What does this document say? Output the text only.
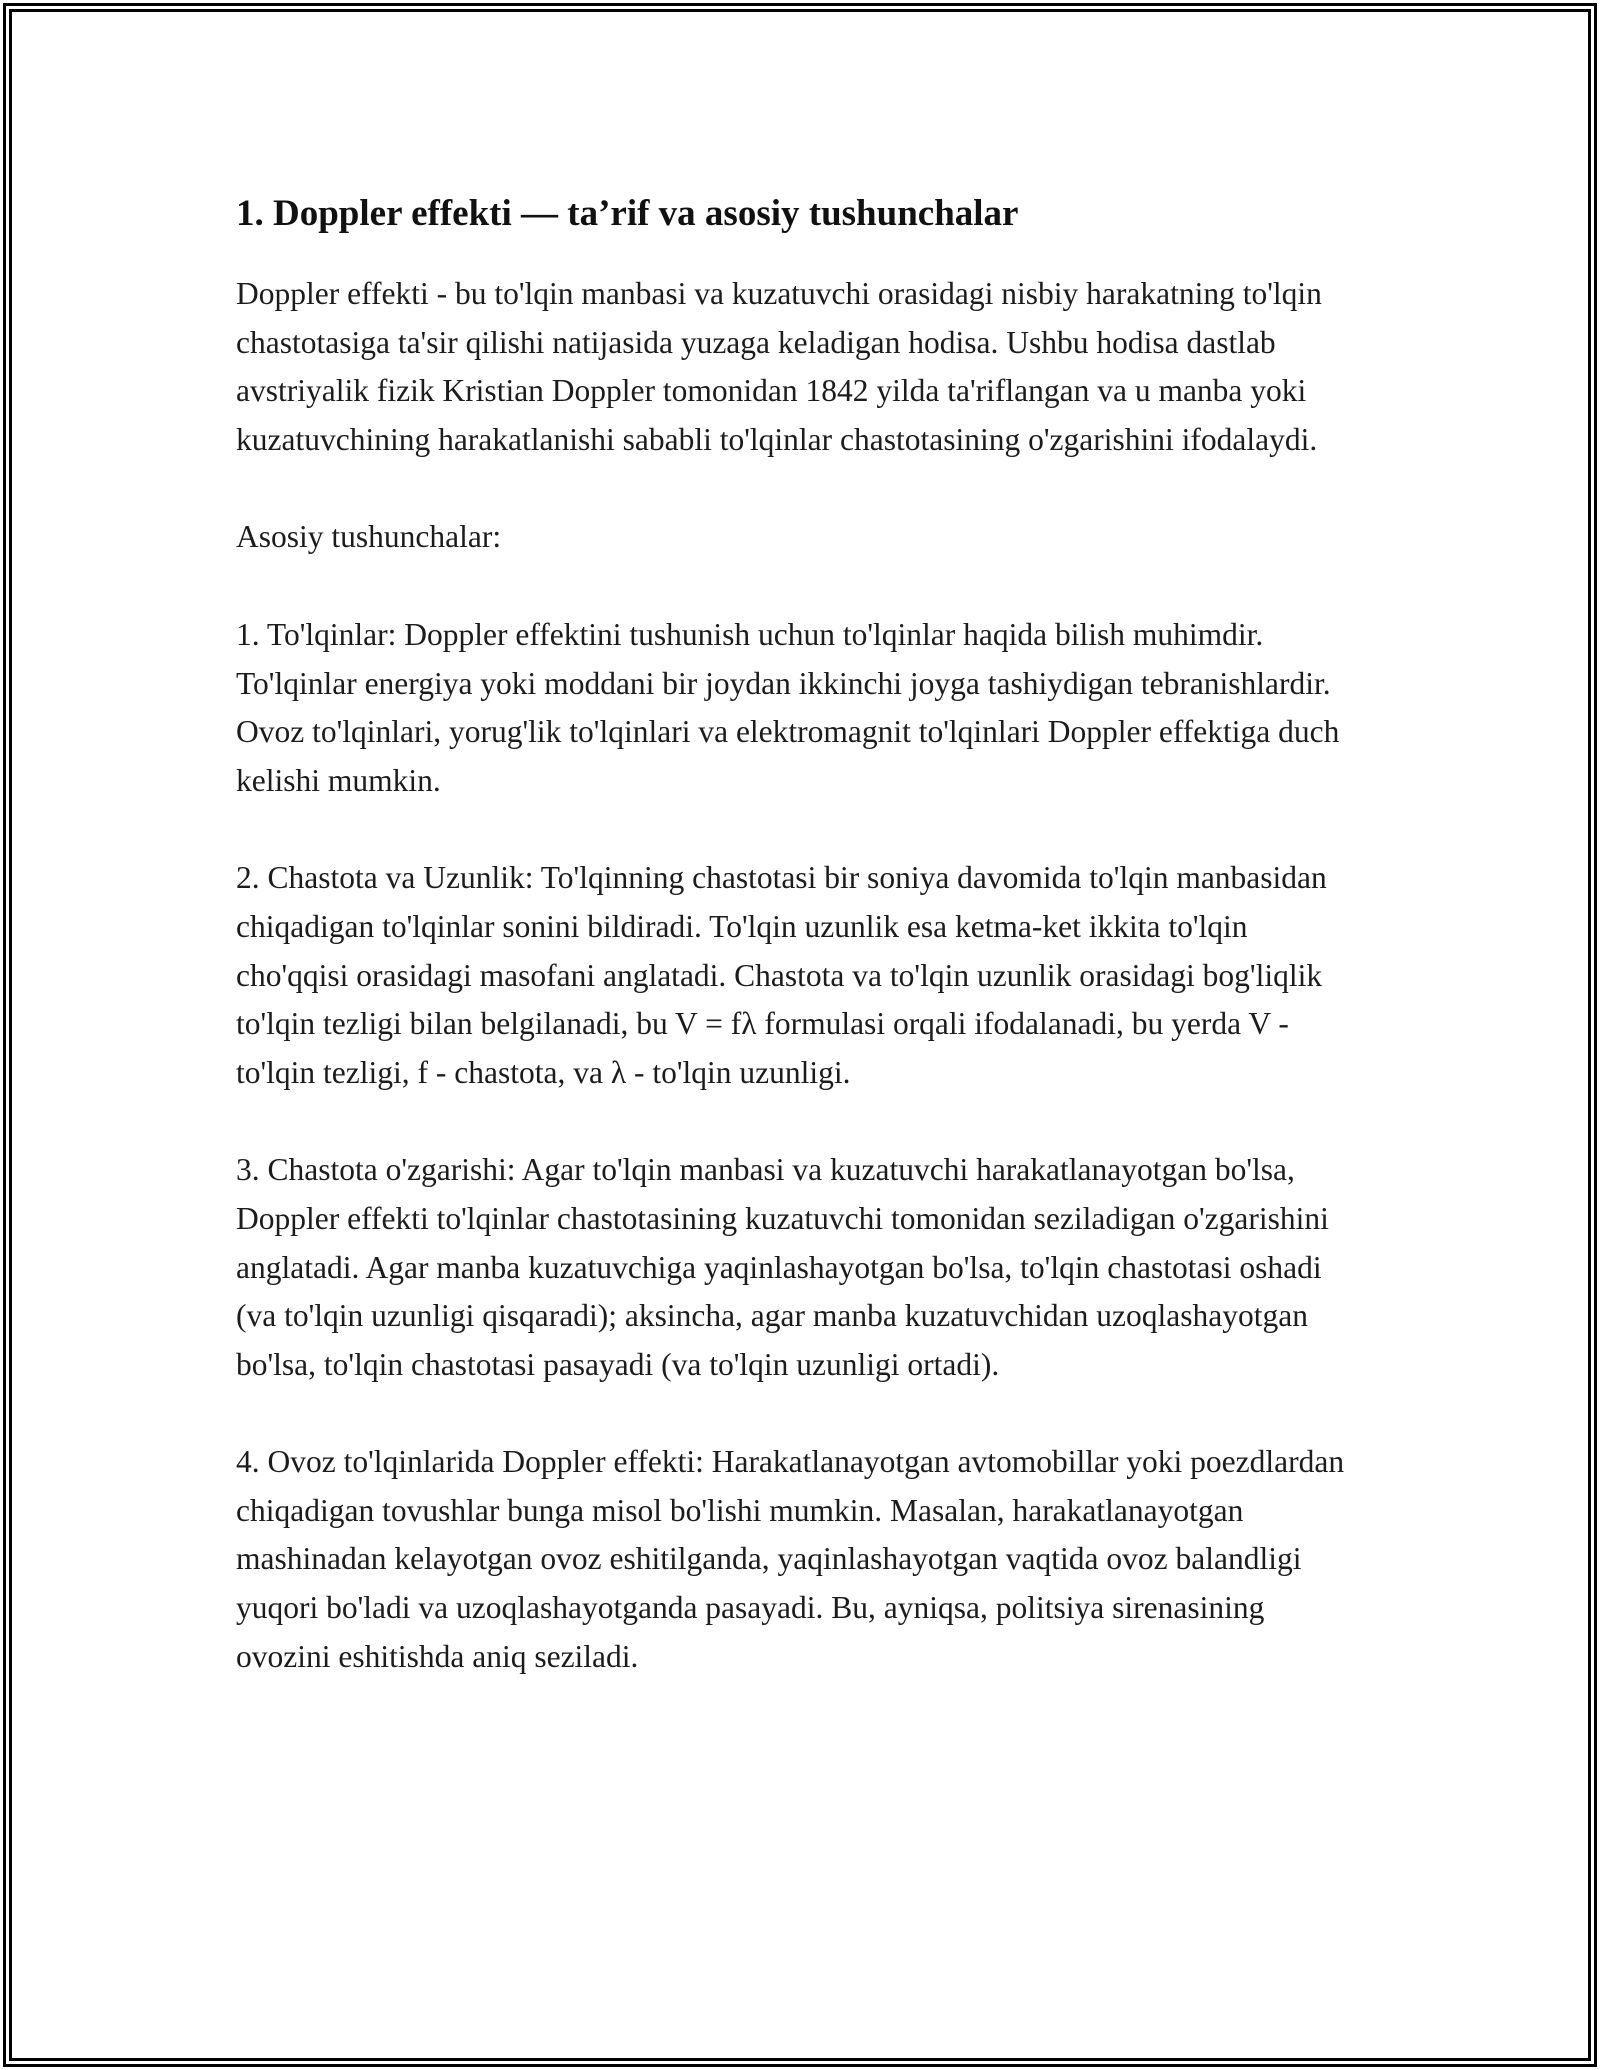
1. Doppler effekti — ta’rif va asosiy tushunchalar

Doppler effekti - bu to'lqin manbasi va kuzatuvchi orasidagi nisbiy harakatning to'lqin chastotasiga ta'sir qilishi natijasida yuzaga keladigan hodisa. Ushbu hodisa dastlab avstriyalik fizik Kristian Doppler tomonidan 1842 yilda ta'riflangan va u manba yoki kuzatuvchining harakatlanishi sababli to'lqinlar chastotasining o'zgarishini ifodalaydi.

Asosiy tushunchalar:

1. To'lqinlar: Doppler effektini tushunish uchun to'lqinlar haqida bilish muhimdir. To'lqinlar energiya yoki moddani bir joydan ikkinchi joyga tashiydigan tebranishlardir. Ovoz to'lqinlari, yorug'lik to'lqinlari va elektromagnit to'lqinlari Doppler effektiga duch kelishi mumkin.

2. Chastota va Uzunlik: To'lqinning chastotasi bir soniya davomida to'lqin manbasidan chiqadigan to'lqinlar sonini bildiradi. To'lqin uzunlik esa ketma-ket ikkita to'lqin cho'qqisi orasidagi masofani anglatadi. Chastota va to'lqin uzunlik orasidagi bog'liqlik to'lqin tezligi bilan belgilanadi, bu V = fλ formulasi orqali ifodalanadi, bu yerda V - to'lqin tezligi, f - chastota, va λ - to'lqin uzunligi.

3. Chastota o'zgarishi: Agar to'lqin manbasi va kuzatuvchi harakatlanayotgan bo'lsa, Doppler effekti to'lqinlar chastotasining kuzatuvchi tomonidan seziladigan o'zgarishini anglatadi. Agar manba kuzatuvchiga yaqinlashayotgan bo'lsa, to'lqin chastotasi oshadi (va to'lqin uzunligi qisqaradi); aksincha, agar manba kuzatuvchidan uzoqlashayotgan bo'lsa, to'lqin chastotasi pasayadi (va to'lqin uzunligi ortadi).

4. Ovoz to'lqinlarida Doppler effekti: Harakatlanayotgan avtomobillar yoki poezdlardan chiqadigan tovushlar bunga misol bo'lishi mumkin. Masalan, harakatlanayotgan mashinadan kelayotgan ovoz eshitilganda, yaqinlashayotgan vaqtida ovoz balandligi yuqori bo'ladi va uzoqlashayotganda pasayadi. Bu, ayniqsa, politsiya sirenasining ovozini eshitishda aniq seziladi.
